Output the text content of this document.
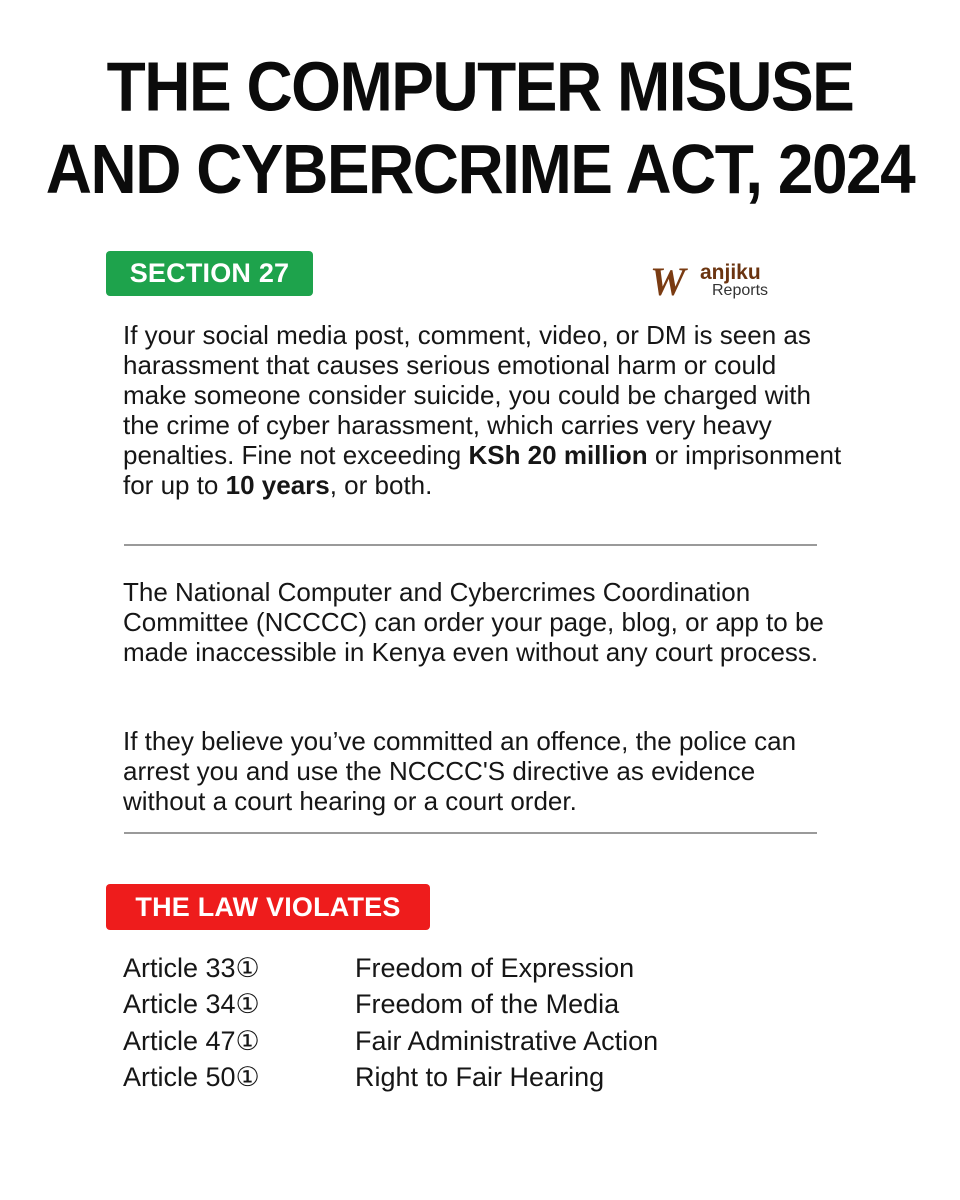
THE COMPUTER MISUSE
AND CYBERCRIME ACT, 2024
SECTION 27	W anjiku
Reports

If your social media post, comment, video, or DM is seen as harassment that causes serious emotional harm or could make someone consider suicide, you could be charged with the crime of cyber harassment, which carries very heavy penalties. Fine not exceeding KSh 20 million or imprisonment for up to 10 years, or both.

The National Computer and Cybercrimes Coordination Committee (NCCCC) can order your page, blog, or app to be made inaccessible in Kenya even without any court process.

If they believe you’ve committed an offence, the police can arrest you and use the NCCCC'S directive as evidence without a court hearing or a court order.

THE LAW VIOLATES
Article 33①	Freedom of Expression
Article 34①	Freedom of the Media
Article 47①	Fair Administrative Action
Article 50①	Right to Fair Hearing
